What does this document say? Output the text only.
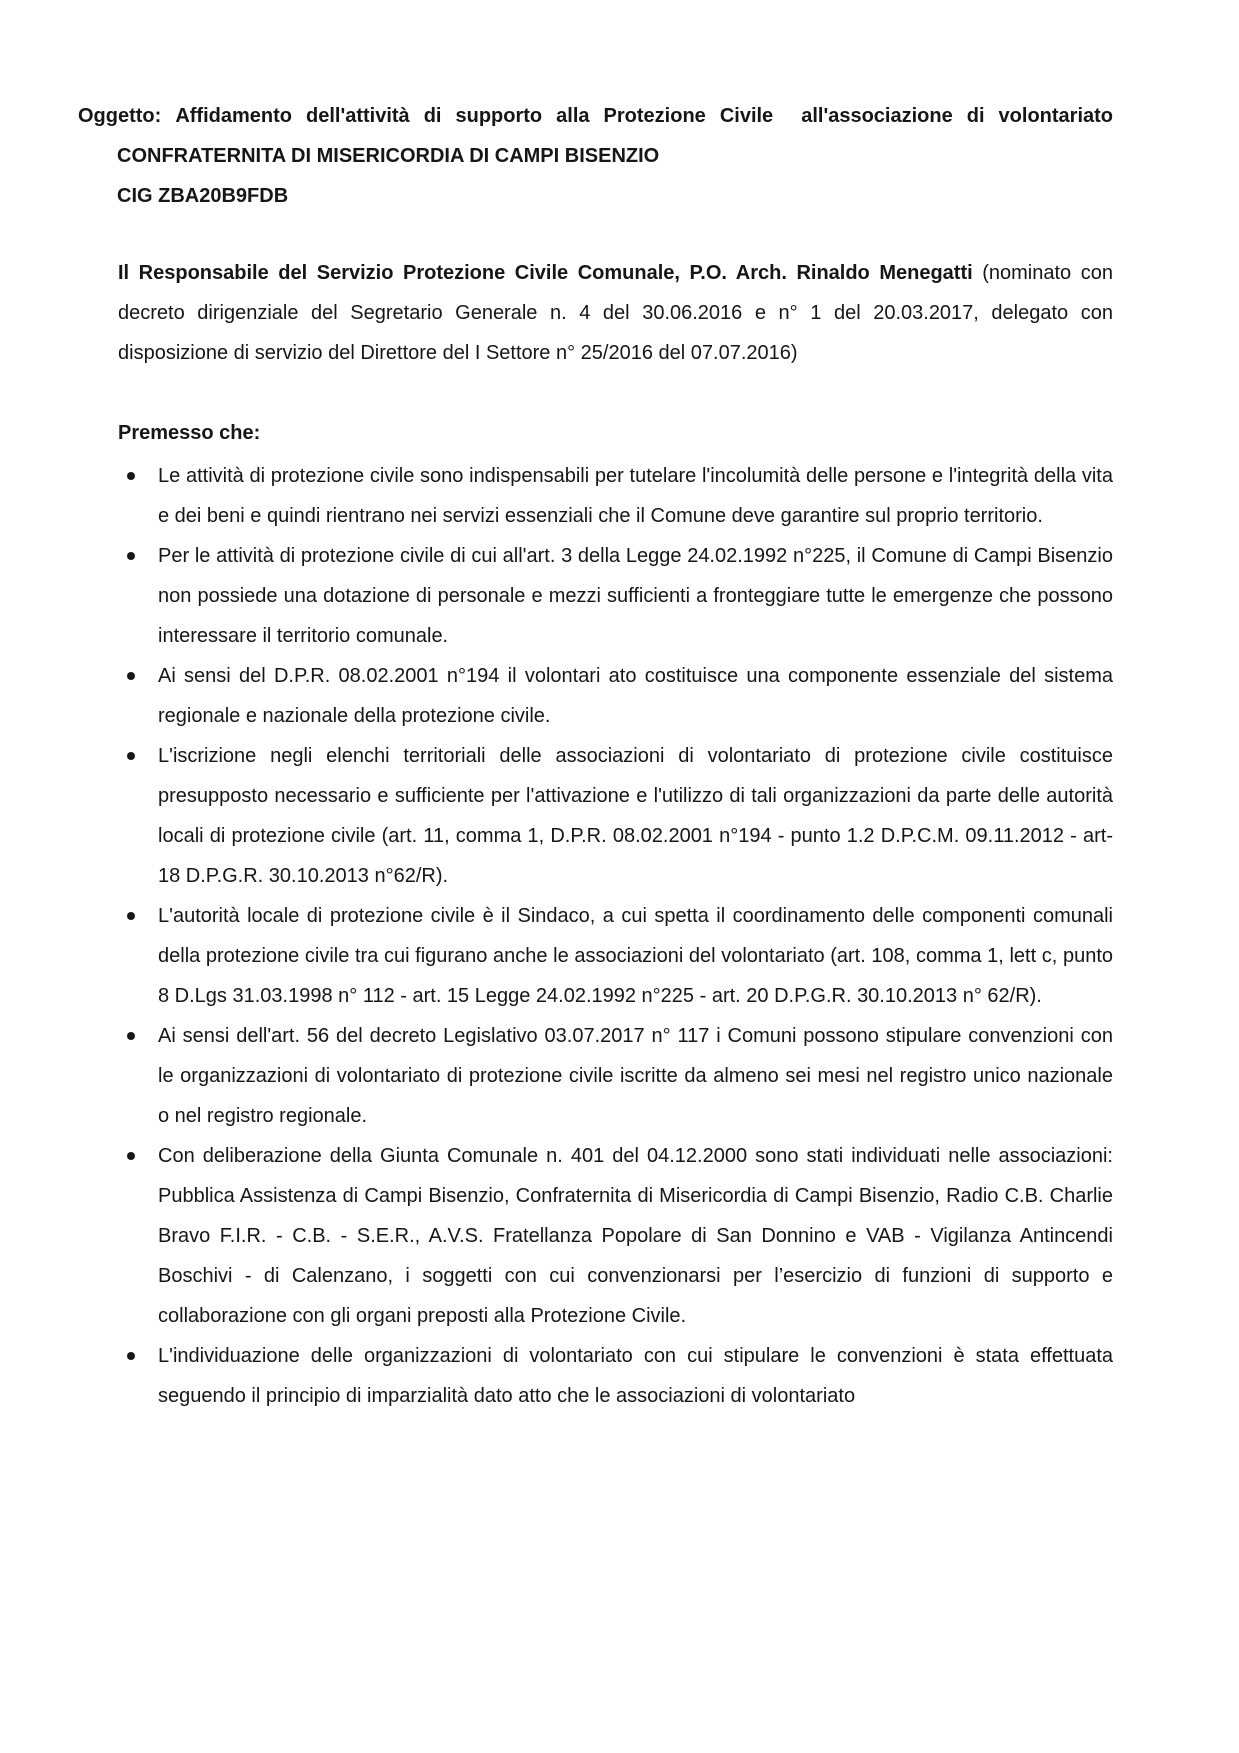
Oggetto: Affidamento dell'attività di supporto alla Protezione Civile  all'associazione di volontariato CONFRATERNITA DI MISERICORDIA DI CAMPI BISENZIO

CIG ZBA20B9FDB

Il Responsabile del Servizio Protezione Civile Comunale, P.O. Arch. Rinaldo Menegatti (nominato con decreto dirigenziale del Segretario Generale n. 4 del 30.06.2016 e n° 1 del 20.03.2017, delegato con disposizione di servizio del Direttore del I Settore n° 25/2016 del 07.07.2016)

Premesso che:

Le attività di protezione civile sono indispensabili per tutelare l'incolumità delle persone e l'integrità della vita e dei beni e quindi rientrano nei servizi essenziali che il Comune deve garantire sul proprio territorio.
Per le attività di protezione civile di cui all'art. 3 della Legge 24.02.1992 n°225, il Comune di Campi Bisenzio non possiede una dotazione di personale e mezzi sufficienti a fronteggiare tutte le emergenze che possono interessare il territorio comunale.
Ai sensi del D.P.R. 08.02.2001 n°194 il volontari ato costituisce una componente essenziale del sistema regionale e nazionale della protezione civile.
L'iscrizione negli elenchi territoriali delle associazioni di volontariato di protezione civile costituisce presupposto necessario e sufficiente per l'attivazione e l'utilizzo di tali organizzazioni da parte delle autorità locali di protezione civile (art. 11, comma 1, D.P.R. 08.02.2001 n°194 - punto 1.2 D.P.C.M. 09.11.2012 - art- 18 D.P.G.R. 30.10.2013 n°62/R).
L'autorità locale di protezione civile è il Sindaco, a cui spetta il coordinamento delle componenti comunali della protezione civile tra cui figurano anche le associazioni del volontariato (art. 108, comma 1, lett c, punto 8 D.Lgs 31.03.1998 n° 112 - art. 15 Legge 24.02.1992 n°225 - art. 20 D.P.G.R. 30.10.2013 n° 62/R).
Ai sensi dell'art. 56 del decreto Legislativo 03.07.2017 n° 117 i Comuni possono stipulare convenzioni con le organizzazioni di volontariato di protezione civile iscritte da almeno sei mesi nel registro unico nazionale o nel registro regionale.
Con deliberazione della Giunta Comunale n. 401 del 04.12.2000 sono stati individuati nelle associazioni: Pubblica Assistenza di Campi Bisenzio, Confraternita di Misericordia di Campi Bisenzio, Radio C.B. Charlie Bravo F.I.R. - C.B. - S.E.R., A.V.S. Fratellanza Popolare di San Donnino e VAB - Vigilanza Antincendi Boschivi - di Calenzano, i soggetti con cui convenzionarsi per l’esercizio di funzioni di supporto e collaborazione con gli organi preposti alla Protezione Civile.
L'individuazione delle organizzazioni di volontariato con cui stipulare le convenzioni è stata effettuata seguendo il principio di imparzialità dato atto che le associazioni di volontariato
